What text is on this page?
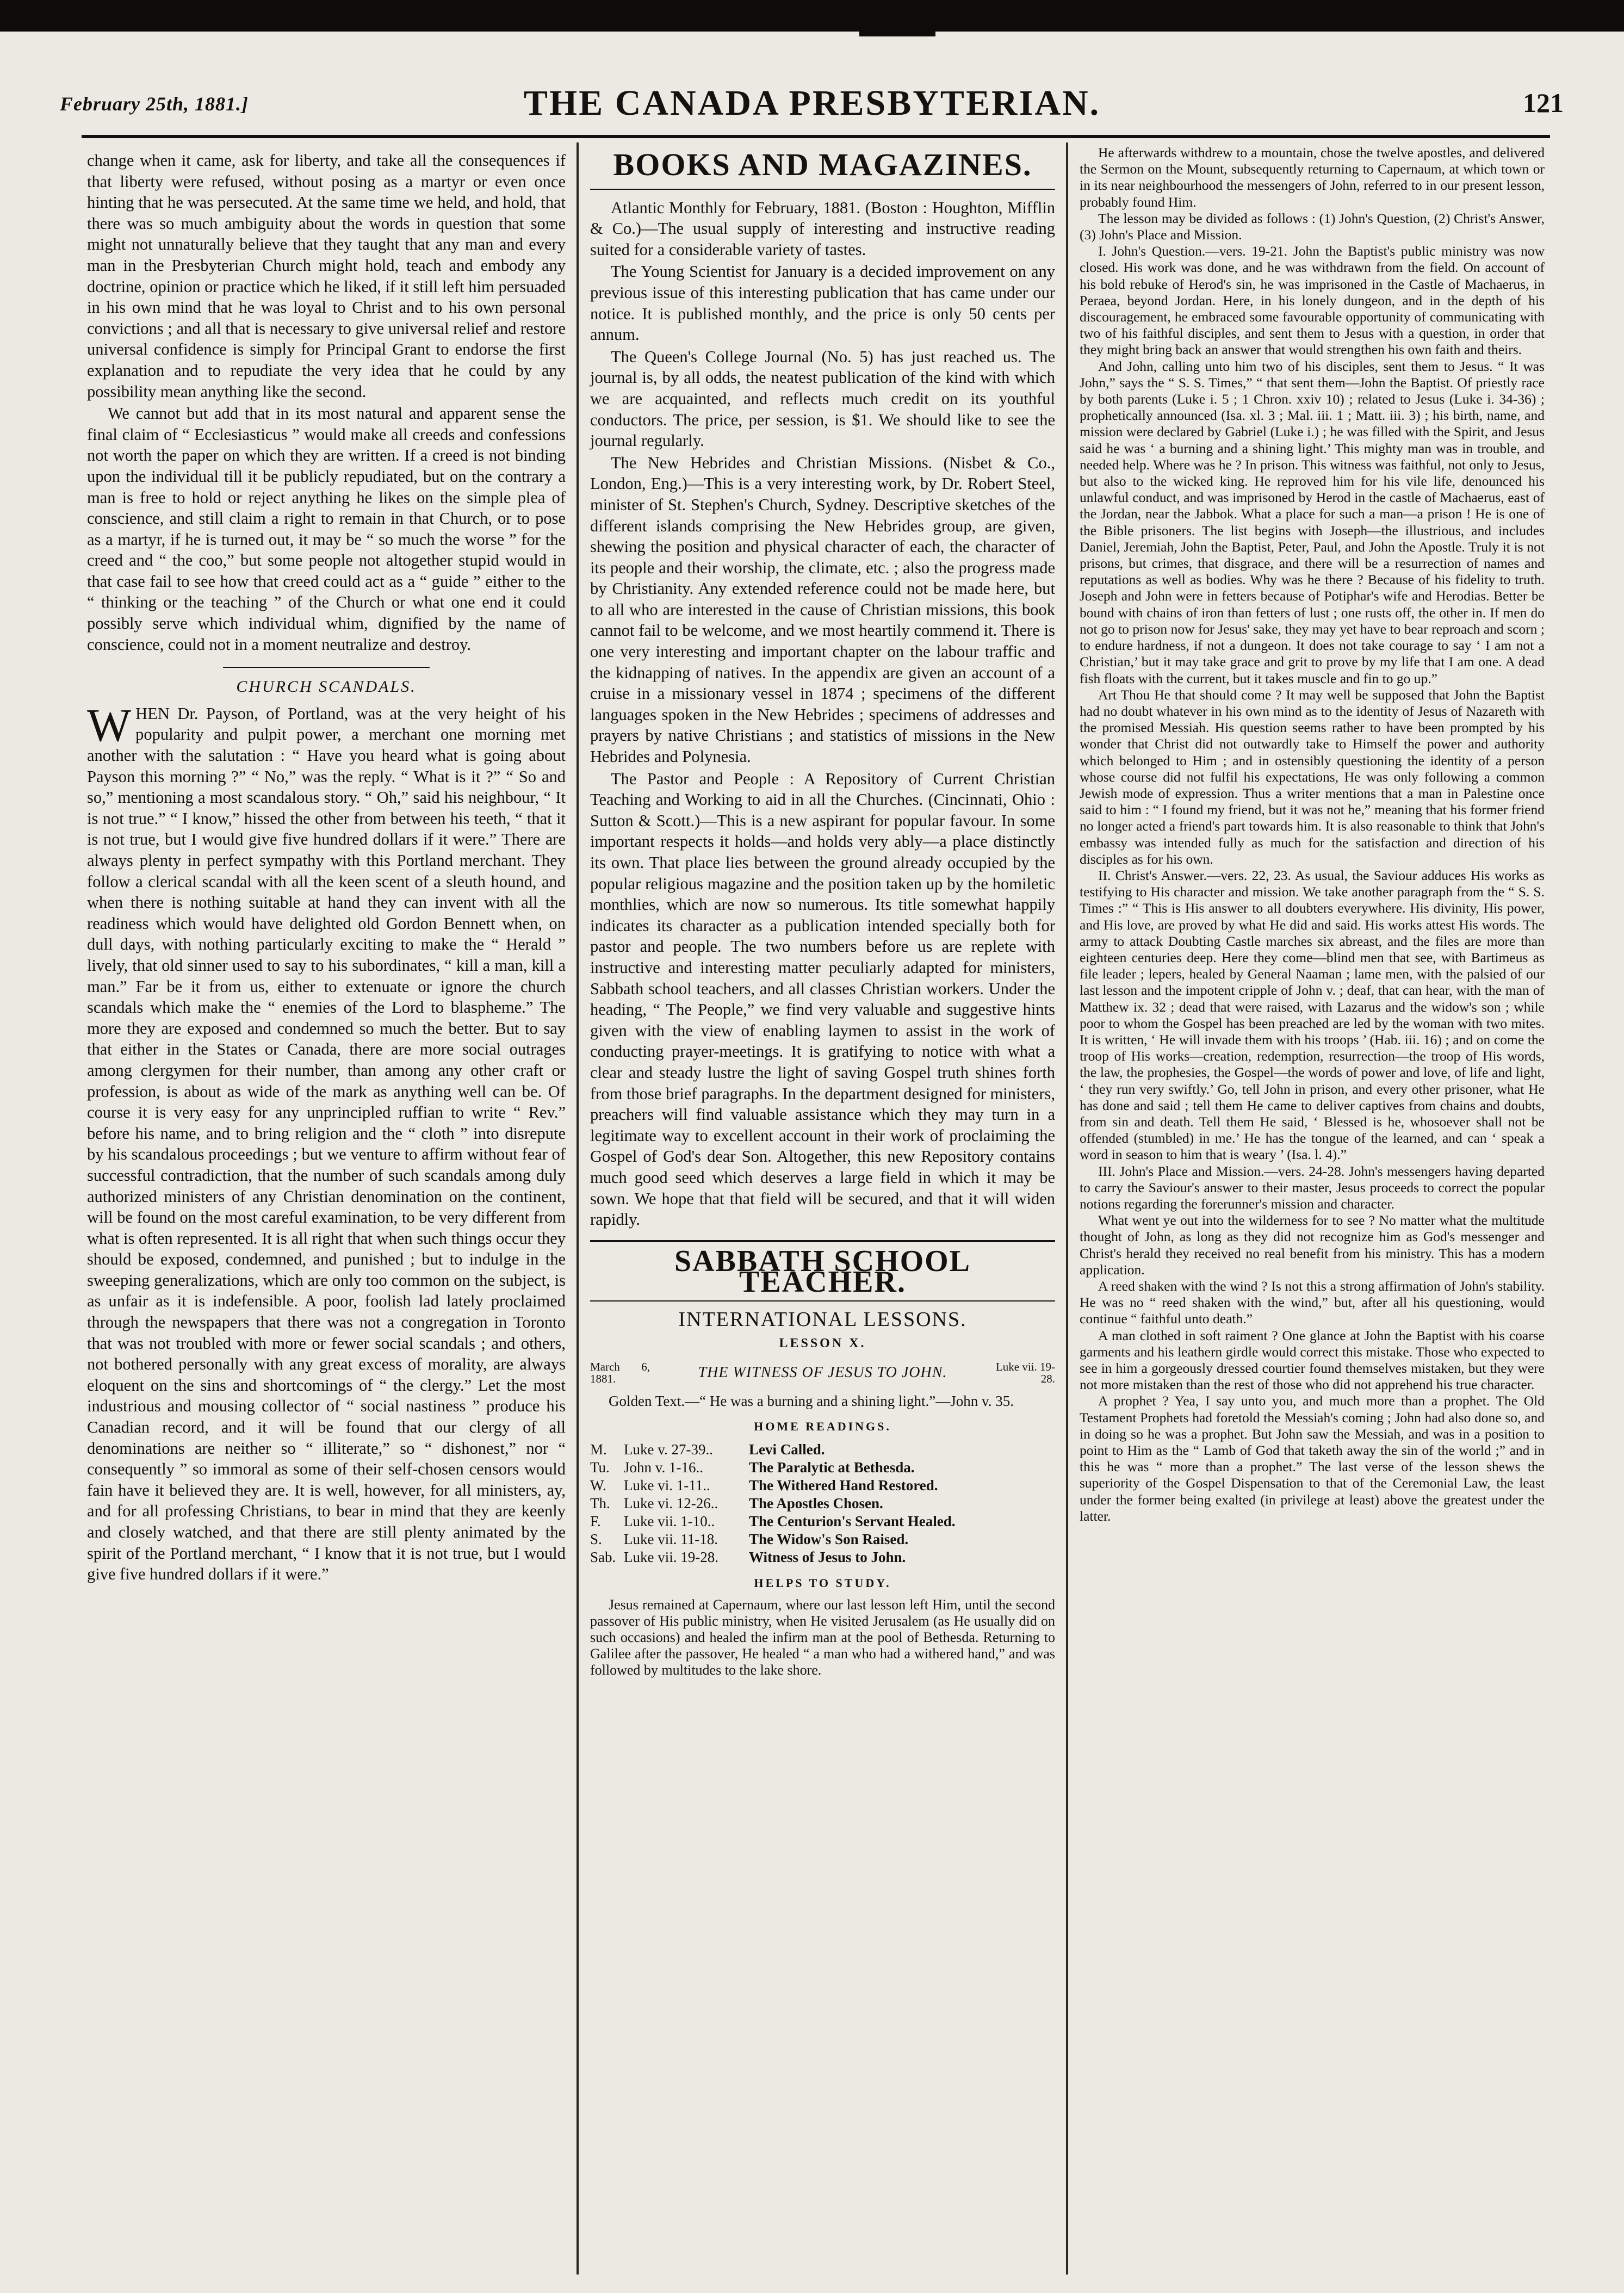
February 25th, 1881.]	THE CANADA PRESBYTERIAN.	121

change when it came, ask for liberty, and take all the consequences if that liberty were refused, without posing as a martyr or even once hinting that he was persecuted. At the same time we held, and hold, that there was so much ambiguity about the words in question that some might not unnaturally believe that they taught that any man and every man in the Presbyterian Church might hold, teach and embody any doctrine, opinion or practice which he liked, if it still left him persuaded in his own mind that he was loyal to Christ and to his own personal convictions ; and all that is necessary to give universal relief and restore universal confidence is simply for Principal Grant to endorse the first explanation and to repudiate the very idea that he could by any possibility mean anything like the second.

We cannot but add that in its most natural and apparent sense the final claim of “ Ecclesiasticus ” would make all creeds and confessions not worth the paper on which they are written. If a creed is not binding upon the individual till it be publicly repudiated, but on the contrary a man is free to hold or reject anything he likes on the simple plea of conscience, and still claim a right to remain in that Church, or to pose as a martyr, if he is turned out, it may be “ so much the worse ” for the creed and “ the coo,” but some people not altogether stupid would in that case fail to see how that creed could act as a “ guide ” either to the “ thinking or the teaching ” of the Church or what one end it could possibly serve which individual whim, dignified by the name of conscience, could not in a moment neutralize and destroy.

CHURCH SCANDALS.

WHEN Dr. Payson, of Portland, was at the very height of his popularity and pulpit power, a merchant one morning met another with the salutation : “ Have you heard what is going about Payson this morning ?” “ No,” was the reply. “ What is it ?” “ So and so,” mentioning a most scandalous story. “ Oh,” said his neighbour, “ It is not true.” “ I know,” hissed the other from between his teeth, “ that it is not true, but I would give five hundred dollars if it were.” There are always plenty in perfect sympathy with this Portland merchant. They follow a clerical scandal with all the keen scent of a sleuth hound, and when there is nothing suitable at hand they can invent with all the readiness which would have delighted old Gordon Bennett when, on dull days, with nothing particularly exciting to make the “ Herald ” lively, that old sinner used to say to his subordinates, “ kill a man, kill a man.” Far be it from us, either to extenuate or ignore the church scandals which make the “ enemies of the Lord to blaspheme.” The more they are exposed and condemned so much the better. But to say that either in the States or Canada, there are more social outrages among clergymen for their number, than among any other craft or profession, is about as wide of the mark as anything well can be. Of course it is very easy for any unprincipled ruffian to write “ Rev.” before his name, and to bring religion and the “ cloth ” into disrepute by his scandalous proceedings ; but we venture to affirm without fear of successful contradiction, that the number of such scandals among duly authorized ministers of any Christian denomination on the continent, will be found on the most careful examination, to be very different from what is often represented. It is all right that when such things occur they should be exposed, condemned, and punished ; but to indulge in the sweeping generalizations, which are only too common on the subject, is as unfair as it is indefensible. A poor, foolish lad lately proclaimed through the newspapers that there was not a congregation in Toronto that was not troubled with more or fewer social scandals ; and others, not bothered personally with any great excess of morality, are always eloquent on the sins and shortcomings of “ the clergy.” Let the most industrious and mousing collector of “ social nastiness ” produce his Canadian record, and it will be found that our clergy of all denominations are neither so “ illiterate,” so “ dishonest,” nor “ consequently ” so immoral as some of their self-chosen censors would fain have it believed they are. It is well, however, for all ministers, ay, and for all professing Christians, to bear in mind that they are keenly and closely watched, and that there are still plenty animated by the spirit of the Portland merchant, “ I know that it is not true, but I would give five hundred dollars if it were.”

BOOKS AND MAGAZINES.

Atlantic Monthly for February, 1881. (Boston : Houghton, Mifflin & Co.)—The usual supply of interesting and instructive reading suited for a considerable variety of tastes.

The Young Scientist for January is a decided improvement on any previous issue of this interesting publication that has came under our notice. It is published monthly, and the price is only 50 cents per annum.

The Queen's College Journal (No. 5) has just reached us. The journal is, by all odds, the neatest publication of the kind with which we are acquainted, and reflects much credit on its youthful conductors. The price, per session, is $1. We should like to see the journal regularly.

The New Hebrides and Christian Missions. (Nisbet & Co., London, Eng.)—This is a very interesting work, by Dr. Robert Steel, minister of St. Stephen's Church, Sydney. Descriptive sketches of the different islands comprising the New Hebrides group, are given, shewing the position and physical character of each, the character of its people and their worship, the climate, etc. ; also the progress made by Christianity. Any extended reference could not be made here, but to all who are interested in the cause of Christian missions, this book cannot fail to be welcome, and we most heartily commend it. There is one very interesting and important chapter on the labour traffic and the kidnapping of natives. In the appendix are given an account of a cruise in a missionary vessel in 1874 ; specimens of the different languages spoken in the New Hebrides ; specimens of addresses and prayers by native Christians ; and statistics of missions in the New Hebrides and Polynesia.

The Pastor and People : A Repository of Current Christian Teaching and Working to aid in all the Churches. (Cincinnati, Ohio : Sutton & Scott.)—This is a new aspirant for popular favour. In some important respects it holds—and holds very ably—a place distinctly its own. That place lies between the ground already occupied by the popular religious magazine and the position taken up by the homiletic monthlies, which are now so numerous. Its title somewhat happily indicates its character as a publication intended specially both for pastor and people. The two numbers before us are replete with instructive and interesting matter peculiarly adapted for ministers, Sabbath school teachers, and all classes Christian workers. Under the heading, “ The People,” we find very valuable and suggestive hints given with the view of enabling laymen to assist in the work of conducting prayer-meetings. It is gratifying to notice with what a clear and steady lustre the light of saving Gospel truth shines forth from those brief paragraphs. In the department designed for ministers, preachers will find valuable assistance which they may turn in a legitimate way to excellent account in their work of proclaiming the Gospel of God's dear Son. Altogether, this new Repository contains much good seed which deserves a large field in which it may be sown. We hope that that field will be secured, and that it will widen rapidly.

SABBATH SCHOOL TEACHER.
INTERNATIONAL LESSONS.
LESSON X.
March 6, 1881.	THE WITNESS OF JESUS TO JOHN.	Luke vii. 19-28.

Golden Text.—“ He was a burning and a shining light.”—John v. 35.

HOME READINGS.
M.	Luke v. 27-39..	Levi Called.
Tu. John v. 1-16..	The Paralytic at Bethesda.
W.	Luke vi. 1-11..	The Withered Hand Restored.
Th. Luke vi. 12-26..	The Apostles Chosen.
F.	Luke vii. 1-10..	The Centurion's Servant Healed.
S.	Luke vii. 11-18.	The Widow's Son Raised.
Sab. Luke vii. 19-28.	Witness of Jesus to John.
HELPS TO STUDY.

Jesus remained at Capernaum, where our last lesson left Him, until the second passover of His public ministry, when He visited Jerusalem (as He usually did on such occasions) and healed the infirm man at the pool of Bethesda. Returning to Galilee after the passover, He healed “ a man who had a withered hand,” and was followed by multitudes to the lake shore.

He afterwards withdrew to a mountain, chose the twelve apostles, and delivered the Sermon on the Mount, subsequently returning to Capernaum, at which town or in its near neighbourhood the messengers of John, referred to in our present lesson, probably found Him.

The lesson may be divided as follows : (1) John's Question, (2) Christ's Answer, (3) John's Place and Mission.

I. John's Question.—vers. 19-21. John the Baptist's public ministry was now closed. His work was done, and he was withdrawn from the field. On account of his bold rebuke of Herod's sin, he was imprisoned in the Castle of Machaerus, in Peraea, beyond Jordan. Here, in his lonely dungeon, and in the depth of his discouragement, he embraced some favourable opportunity of communicating with two of his faithful disciples, and sent them to Jesus with a question, in order that they might bring back an answer that would strengthen his own faith and theirs.

And John, calling unto him two of his disciples, sent them to Jesus. “ It was John,” says the “ S. S. Times,” “ that sent them—John the Baptist. Of priestly race by both parents (Luke i. 5 ; 1 Chron. xxiv 10) ; related to Jesus (Luke i. 34-36) ; prophetically announced (Isa. xl. 3 ; Mal. iii. 1 ; Matt. iii. 3) ; his birth, name, and mission were declared by Gabriel (Luke i.) ; he was filled with the Spirit, and Jesus said he was ‘ a burning and a shining light.’ This mighty man was in trouble, and needed help. Where was he ? In prison. This witness was faithful, not only to Jesus, but also to the wicked king. He reproved him for his vile life, denounced his unlawful conduct, and was imprisoned by Herod in the castle of Machaerus, east of the Jordan, near the Jabbok. What a place for such a man—a prison ! He is one of the Bible prisoners. The list begins with Joseph—the illustrious, and includes Daniel, Jeremiah, John the Baptist, Peter, Paul, and John the Apostle. Truly it is not prisons, but crimes, that disgrace, and there will be a resurrection of names and reputations as well as bodies. Why was he there ? Because of his fidelity to truth. Joseph and John were in fetters because of Potiphar's wife and Herodias. Better be bound with chains of iron than fetters of lust ; one rusts off, the other in. If men do not go to prison now for Jesus' sake, they may yet have to bear reproach and scorn ; to endure hardness, if not a dungeon. It does not take courage to say ‘ I am not a Christian,’ but it may take grace and grit to prove by my life that I am one. A dead fish floats with the current, but it takes muscle and fin to go up.”

Art Thou He that should come ? It may well be supposed that John the Baptist had no doubt whatever in his own mind as to the identity of Jesus of Nazareth with the promised Messiah. His question seems rather to have been prompted by his wonder that Christ did not outwardly take to Himself the power and authority which belonged to Him ; and in ostensibly questioning the identity of a person whose course did not fulfil his expectations, He was only following a common Jewish mode of expression. Thus a writer mentions that a man in Palestine once said to him : “ I found my friend, but it was not he,” meaning that his former friend no longer acted a friend's part towards him. It is also reasonable to think that John's embassy was intended fully as much for the satisfaction and direction of his disciples as for his own.

II. Christ's Answer.—vers. 22, 23. As usual, the Saviour adduces His works as testifying to His character and mission. We take another paragraph from the “ S. S. Times :” “ This is His answer to all doubters everywhere. His divinity, His power, and His love, are proved by what He did and said. His works attest His words. The army to attack Doubting Castle marches six abreast, and the files are more than eighteen centuries deep. Here they come—blind men that see, with Bartimeus as file leader ; lepers, healed by General Naaman ; lame men, with the palsied of our last lesson and the impotent cripple of John v. ; deaf, that can hear, with the man of Matthew ix. 32 ; dead that were raised, with Lazarus and the widow's son ; while poor to whom the Gospel has been preached are led by the woman with two mites. It is written, ‘ He will invade them with his troops ’ (Hab. iii. 16) ; and on come the troop of His works—creation, redemption, resurrection—the troop of His words, the law, the prophesies, the Gospel—the words of power and love, of life and light, ‘ they run very swiftly.’ Go, tell John in prison, and every other prisoner, what He has done and said ; tell them He came to deliver captives from chains and doubts, from sin and death. Tell them He said, ‘ Blessed is he, whosoever shall not be offended (stumbled) in me.’ He has the tongue of the learned, and can ‘ speak a word in season to him that is weary ’ (Isa. l. 4).”

III. John's Place and Mission.—vers. 24-28. John's messengers having departed to carry the Saviour's answer to their master, Jesus proceeds to correct the popular notions regarding the forerunner's mission and character.

What went ye out into the wilderness for to see ? No matter what the multitude thought of John, as long as they did not recognize him as God's messenger and Christ's herald they received no real benefit from his ministry. This has a modern application.

A reed shaken with the wind ? Is not this a strong affirmation of John's stability. He was no “ reed shaken with the wind,” but, after all his questioning, would continue “ faithful unto death.”

A man clothed in soft raiment ? One glance at John the Baptist with his coarse garments and his leathern girdle would correct this mistake. Those who expected to see in him a gorgeously dressed courtier found themselves mistaken, but they were not more mistaken than the rest of those who did not apprehend his true character.

A prophet ? Yea, I say unto you, and much more than a prophet. The Old Testament Prophets had foretold the Messiah's coming ; John had also done so, and in doing so he was a prophet. But John saw the Messiah, and was in a position to point to Him as the “ Lamb of God that taketh away the sin of the world ;” and in this he was “ more than a prophet.” The last verse of the lesson shews the superiority of the Gospel Dispensation to that of the Ceremonial Law, the least under the former being exalted (in privilege at least) above the greatest under the latter.
